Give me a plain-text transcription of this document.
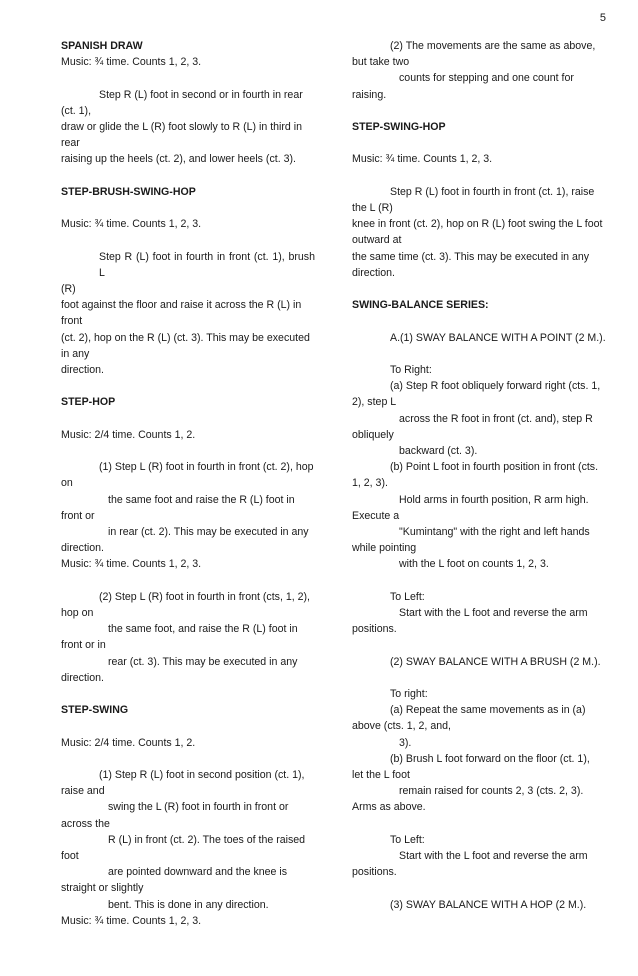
5
SPANISH DRAW
Music: ¾ time. Counts 1, 2, 3.
Step R (L) foot in second or in fourth in rear
(ct. 1),
draw or glide the L (R) foot slowly to R (L) in third in
rear
raising up the heels (ct. 2), and lower heels (ct. 3).
STEP-BRUSH-SWING-HOP
Music: ¾ time. Counts 1, 2, 3.
Step R (L) foot in fourth in front (ct. 1), brush L
(R)
foot against the floor and raise it across the R (L) in
front
(ct. 2), hop on the R (L) (ct. 3). This may be executed
in any
direction.
STEP-HOP
Music: 2/4 time. Counts 1, 2.
(1) Step L (R) foot in fourth in front (ct. 2), hop
on
the same foot and raise the R (L) foot in
front or
in rear (ct. 2). This may be executed in any
direction.
Music: ¾ time. Counts 1, 2, 3.
(2) Step L (R) foot in fourth in front (cts, 1, 2),
hop on
the same foot, and raise the R (L) foot in
front or in
rear (ct. 3). This may be executed in any
direction.
STEP-SWING
Music: 2/4 time. Counts 1, 2.
(1) Step R (L) foot in second position (ct. 1),
raise and
swing the L (R) foot in fourth in front or
across the
R (L) in front (ct. 2). The toes of the raised
foot
are pointed downward and the knee is
straight or slightly
bent. This is done in any direction.
Music: ¾ time. Counts 1, 2, 3.
(2) The movements are the same as above,
but take two
counts for stepping and one count for
raising.
STEP-SWING-HOP
Music: ¾ time. Counts 1, 2, 3.
Step R (L) foot in fourth in front (ct. 1), raise
the L (R)
knee in front (ct. 2), hop on R (L) foot swing the L foot
outward at
the same time (ct. 3). This may be executed in any
direction.
SWING-BALANCE SERIES:
A.(1) SWAY BALANCE WITH A POINT (2 M.).
To Right:
(a) Step R foot obliquely forward right (cts. 1,
2), step L
across the R foot in front (ct. and), step R
obliquely
backward (ct. 3).
(b) Point L foot in fourth position in front (cts.
1, 2, 3).
Hold arms in fourth position, R arm high.
Execute a
"Kumintang" with the right and left hands
while pointing
with the L foot on counts 1, 2, 3.
To Left:
Start with the L foot and reverse the arm
positions.
(2) SWAY BALANCE WITH A BRUSH (2 M.).
To right:
(a) Repeat the same movements as in (a)
above (cts. 1, 2, and,
3).
(b) Brush L foot forward on the floor (ct. 1),
let the L foot
remain raised for counts 2, 3 (cts. 2, 3).
Arms as above.
To Left:
Start with the L foot and reverse the arm
positions.
(3) SWAY BALANCE WITH A HOP (2 M.).
